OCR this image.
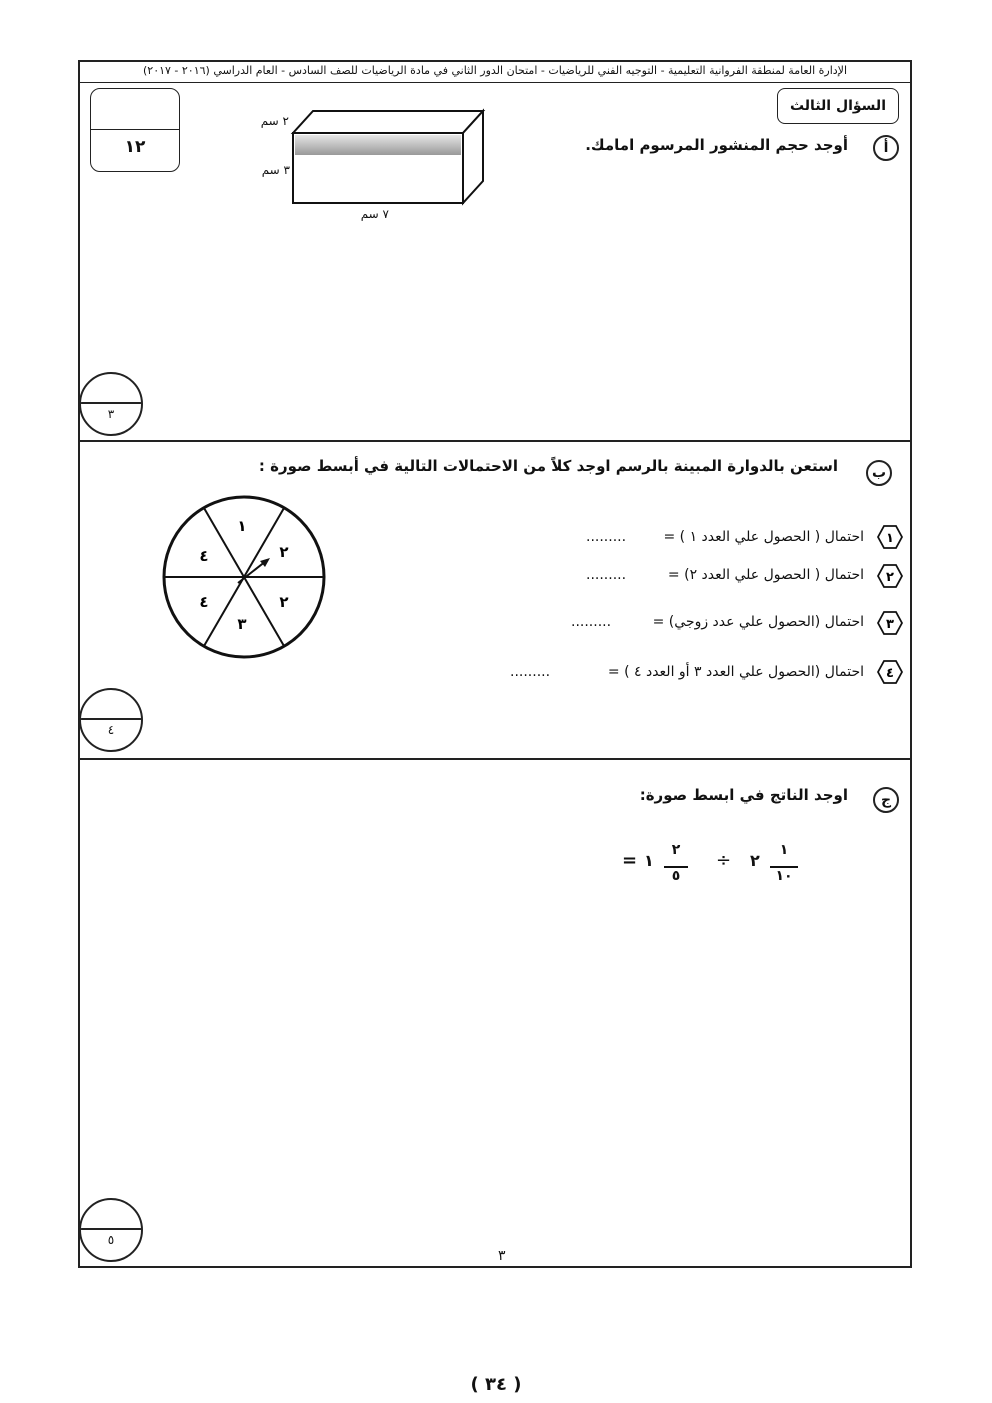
الإدارة العامة لمنطقة الفروانية التعليمية - التوجيه الفني للرياضيات - امتحان الدور الثاني في مادة الرياضيات للصف السادس - العام الدراسي (٢٠١٦ - ٢٠١٧)
السؤال الثالث
١٢	أ
أوجد حجم المنشور المرسوم امامك.
٢ سم
٣ سم
٧ سم
٣
ب
استعن بالدوارة المبينة بالرسم اوجد كلاً من الاحتمالات التالية في أبسط صورة :
١
٢
٢
٣
٤
٤
١
احتمال ( الحصول علي العدد ١ ) =
.........
٢
احتمال ( الحصول علي العدد ٢) =
.........
٣
احتمال (الحصول علي عدد زوجي) =
.........
٤
احتمال (الحصول علي العدد ٣ أو العدد ٤ ) =
.........
٤
ج
اوجد الناتج في ابسط صورة:
= ١
٢
٥
÷ ٢
١
١٠
٥
٣
( ٣٤ )
